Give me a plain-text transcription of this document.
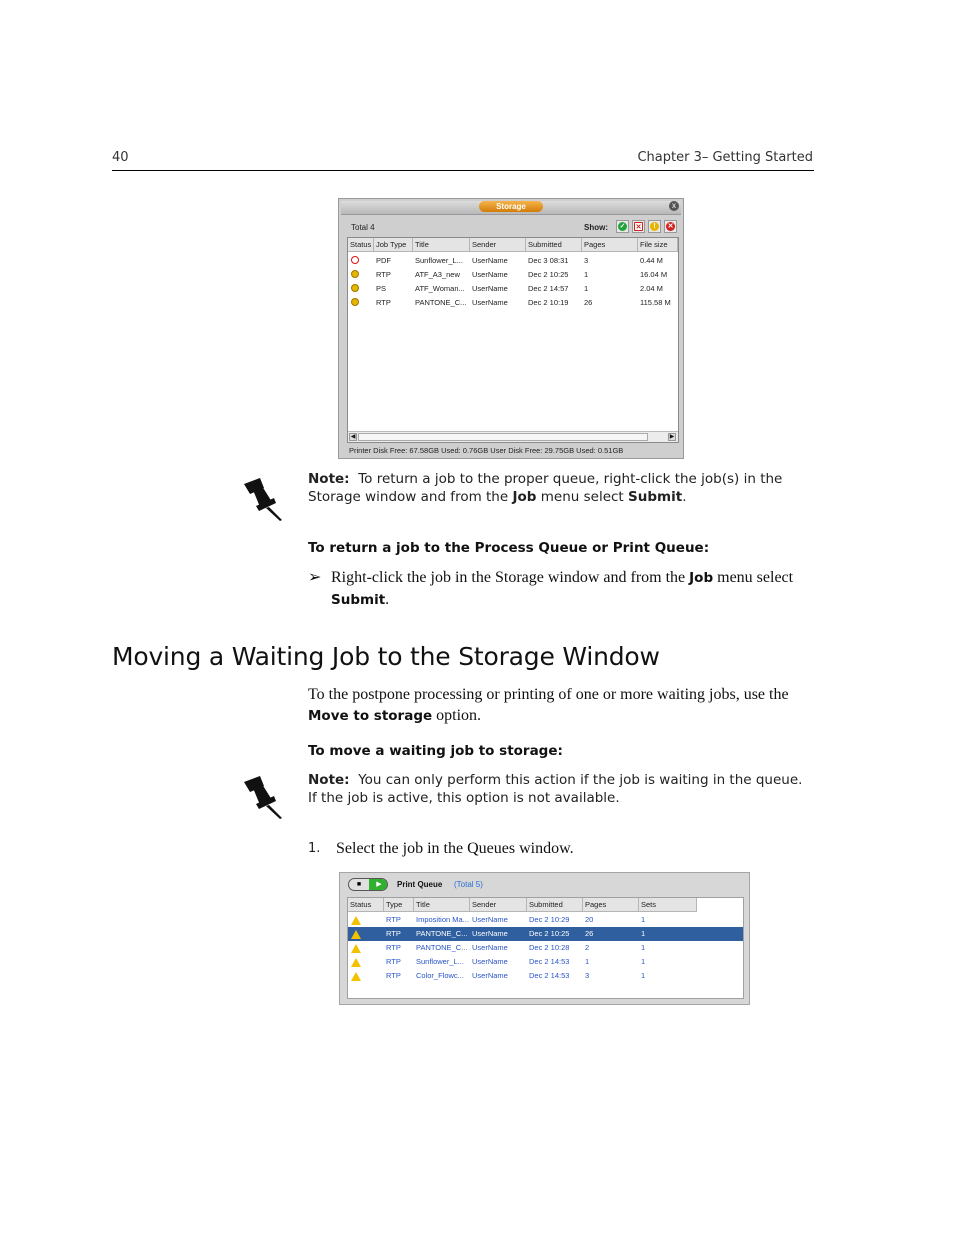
40	Chapter 3– Getting Started
Storage	x
Total 4	Show: ✓ ✕	!	✕
Status Job Type	Title	Sender	Submitted	Pages	File size
PDF	Sunflower_L...	UserName	Dec 3 08:31 3	0.44 M
RTP	ATF_A3_new	UserName	Dec 2 10:25 1	16.04 M
PS	ATF_Woman... UserName	Dec 2 14:57 1	2.04 M
RTP	PANTONE_C... UserName	Dec 2 10:19 26	115.58 M
◀	▶
Printer Disk Free: 67.58GB Used: 0.76GB User Disk Free: 29.75GB Used: 0.51GB
Note: To return a job to the proper queue, right-click the job(s) in the Storage window and from the Job menu select Submit.
To return a job to the Process Queue or Print Queue:
➢ Right-click the job in the Storage window and from the Job menu select Submit.
Moving a Waiting Job to the Storage Window
To the postpone processing or printing of one or more waiting jobs, use the Move to storage option.
To move a waiting job to storage:
Note: You can only perform this action if the job is waiting in the queue. If the job is active, this option is not available.
1. Select the job in the Queues window.
■	▶	Print Queue (Total 5)
Status	Type	Title	Sender	Submitted	Pages	Sets
RTP Imposition Ma... UserName	Dec 2 10:29 20	1
RTP PANTONE_C... UserName	Dec 2 10:25 26	1
RTP PANTONE_C... UserName	Dec 2 10:28 2	1
RTP Sunflower_L...	UserName	Dec 2 14:53 1	1
RTP Color_Flowc...	UserName	Dec 2 14:53 3	1
